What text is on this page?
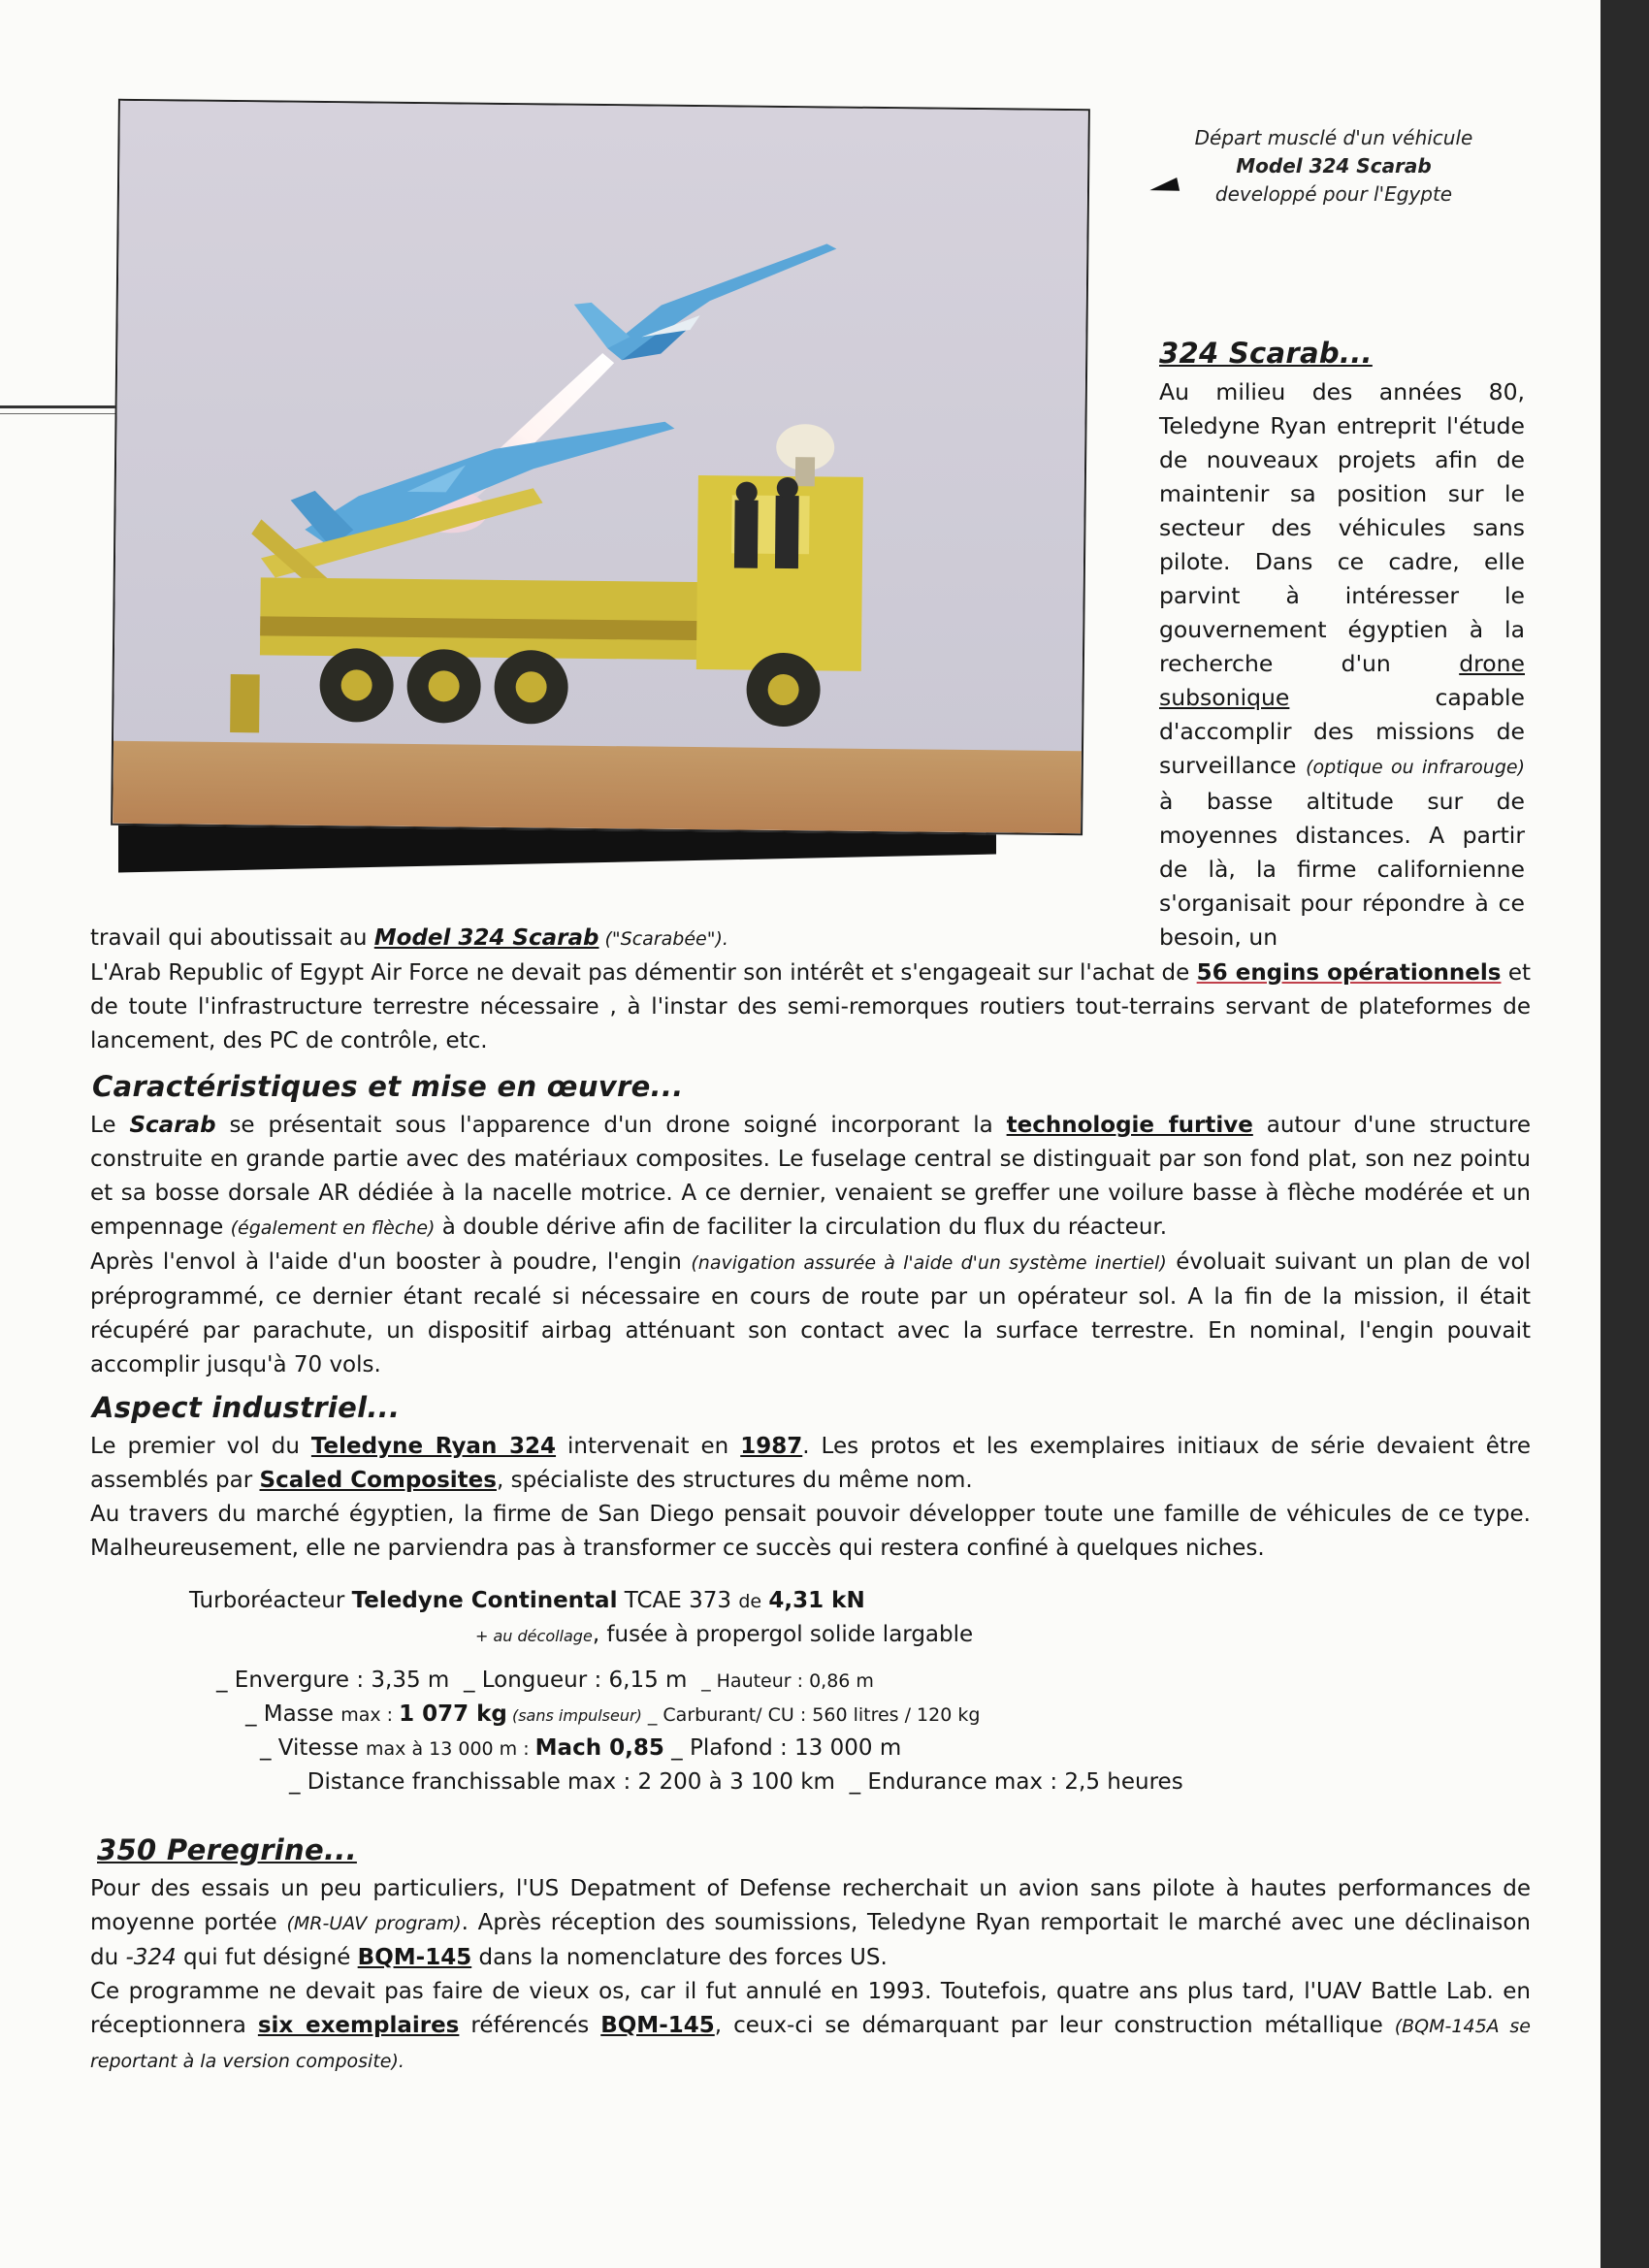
Départ musclé d'un véhicule
Model 324 Scarab
developpé pour l'Egypte
324 Scarab...
Au milieu des années 80, Teledyne Ryan entreprit l'étude de nouveaux projets afin de maintenir sa position sur le secteur des véhicules sans pilote. Dans ce cadre, elle parvint à intéresser le gouvernement égyptien à la recherche d'un drone subsonique capable d'accomplir des missions de surveillance (optique ou infrarouge) à basse altitude sur de moyennes distances. A partir de là, la firme californienne s'organisait pour répondre à ce besoin, un

travail qui aboutissait au Model 324 Scarab ("Scarabée").

L'Arab Republic of Egypt Air Force ne devait pas démentir son intérêt et s'engageait sur l'achat de 56 engins opérationnels et de toute l'infrastructure terrestre nécessaire , à l'instar des semi-remorques routiers tout-terrains servant de plateformes de lancement, des PC de contrôle, etc.

Caractéristiques et mise en œuvre...

Le Scarab se présentait sous l'apparence d'un drone soigné incorporant la technologie furtive autour d'une structure construite en grande partie avec des matériaux composites. Le fuselage central se distinguait par son fond plat, son nez pointu et sa bosse dorsale AR dédiée à la nacelle motrice. A ce dernier, venaient se greffer une voilure basse à flèche modérée et un empennage (également en flèche) à double dérive afin de faciliter la circulation du flux du réacteur.

Après l'envol à l'aide d'un booster à poudre, l'engin (navigation assurée à l'aide d'un système inertiel) évoluait suivant un plan de vol préprogrammé, ce dernier étant recalé si nécessaire en cours de route par un opérateur sol. A la fin de la mission, il était récupéré par parachute, un dispositif airbag atténuant son contact avec la surface terrestre. En nominal, l'engin pouvait accomplir jusqu'à 70 vols.

Aspect industriel...

Le premier vol du Teledyne Ryan 324 intervenait en 1987. Les protos et les exemplaires initiaux de série devaient être assemblés par Scaled Composites, spécialiste des structures du même nom.

Au travers du marché égyptien, la firme de San Diego pensait pouvoir développer toute une famille de véhicules de ce type. Malheureusement, elle ne parviendra pas à transformer ce succès qui restera confiné à quelques niches.

Turboréacteur Teledyne Continental TCAE 373 de 4,31 kN
+ au décollage, fusée à propergol solide largable
_ Envergure : 3,35 m _ Longueur : 6,15 m _ Hauteur : 0,86 m
_ Masse max : 1 077 kg (sans impulseur) _ Carburant/ CU : 560 litres / 120 kg
_ Vitesse max à 13 000 m : Mach 0,85 _ Plafond : 13 000 m
_ Distance franchissable max : 2 200 à 3 100 km _ Endurance max : 2,5 heures
350 Peregrine...

Pour des essais un peu particuliers, l'US Depatment of Defense recherchait un avion sans pilote à hautes performances de moyenne portée (MR-UAV program). Après réception des soumissions, Teledyne Ryan remportait le marché avec une déclinaison du -324 qui fut désigné BQM-145 dans la nomenclature des forces US.

Ce programme ne devait pas faire de vieux os, car il fut annulé en 1993. Toutefois, quatre ans plus tard, l'UAV Battle Lab. en réceptionnera six exemplaires référencés BQM-145, ceux-ci se démarquant par leur construction métallique (BQM-145A se reportant à la version composite).
